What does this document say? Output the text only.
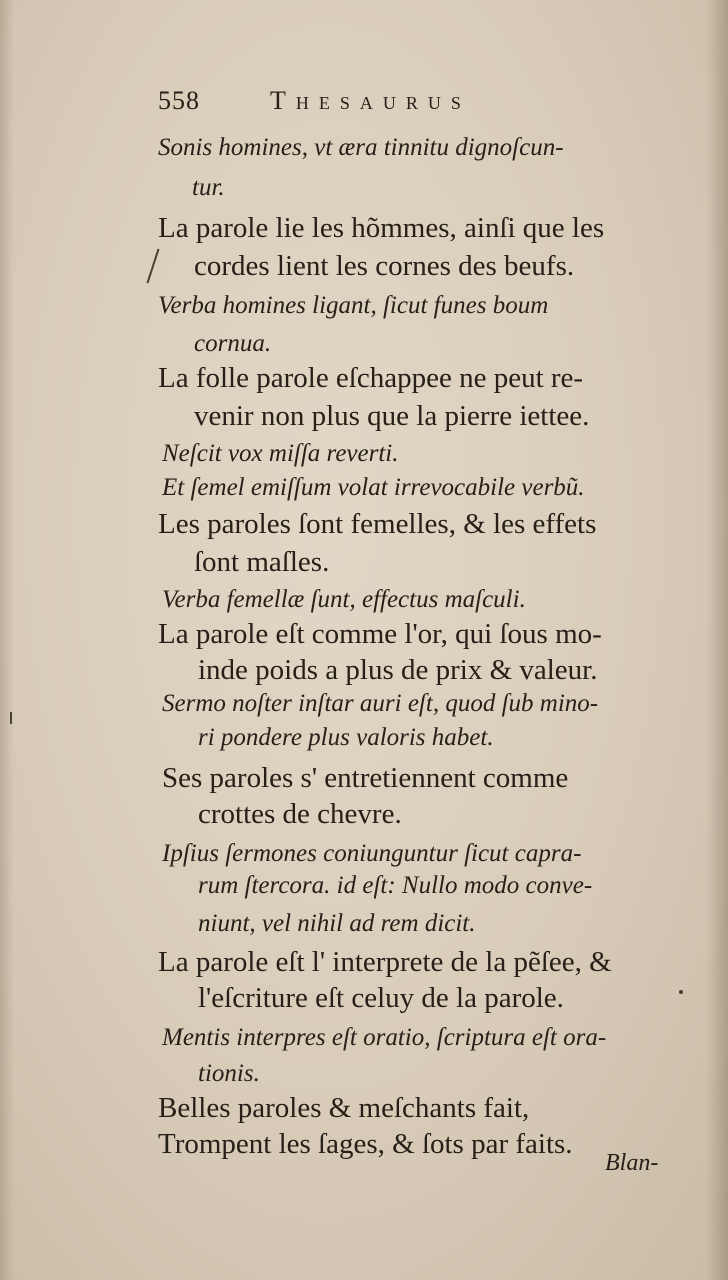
558	Thesaurus
Sonis homines, vt æra tinnitu dignoſcun-
tur.
La parole lie les hõmmes, ainſi que les
cordes lient les cornes des beufs.
Verba homines ligant, ſicut funes boum
cornua.
La folle parole eſchappee ne peut re-
venir non plus que la pierre iettee.
Neſcit vox miſſa reverti.
Et ſemel emiſſum volat irrevocabile verbũ.
Les paroles ſont femelles, & les effets
ſont maſles.
Verba femellæ ſunt, effectus maſculi.
La parole eſt comme l'or, qui ſous mo-
inde poids a plus de prix & valeur.
Sermo noſter inſtar auri eſt, quod ſub mino-
ri pondere plus valoris habet.
Ses paroles s' entretiennent comme
crottes de chevre.
Ipſius ſermones coniunguntur ſicut capra-
rum ſtercora. id eſt: Nullo modo conve-
niunt, vel nihil ad rem dicit.
La parole eſt l' interprete de la pẽſee, &
l'eſcriture eſt celuy de la parole.
Mentis interpres eſt oratio, ſcriptura eſt ora-
tionis.
Belles paroles & meſchants fait,
Trompent les ſages, & ſots par faits.
Blan-
